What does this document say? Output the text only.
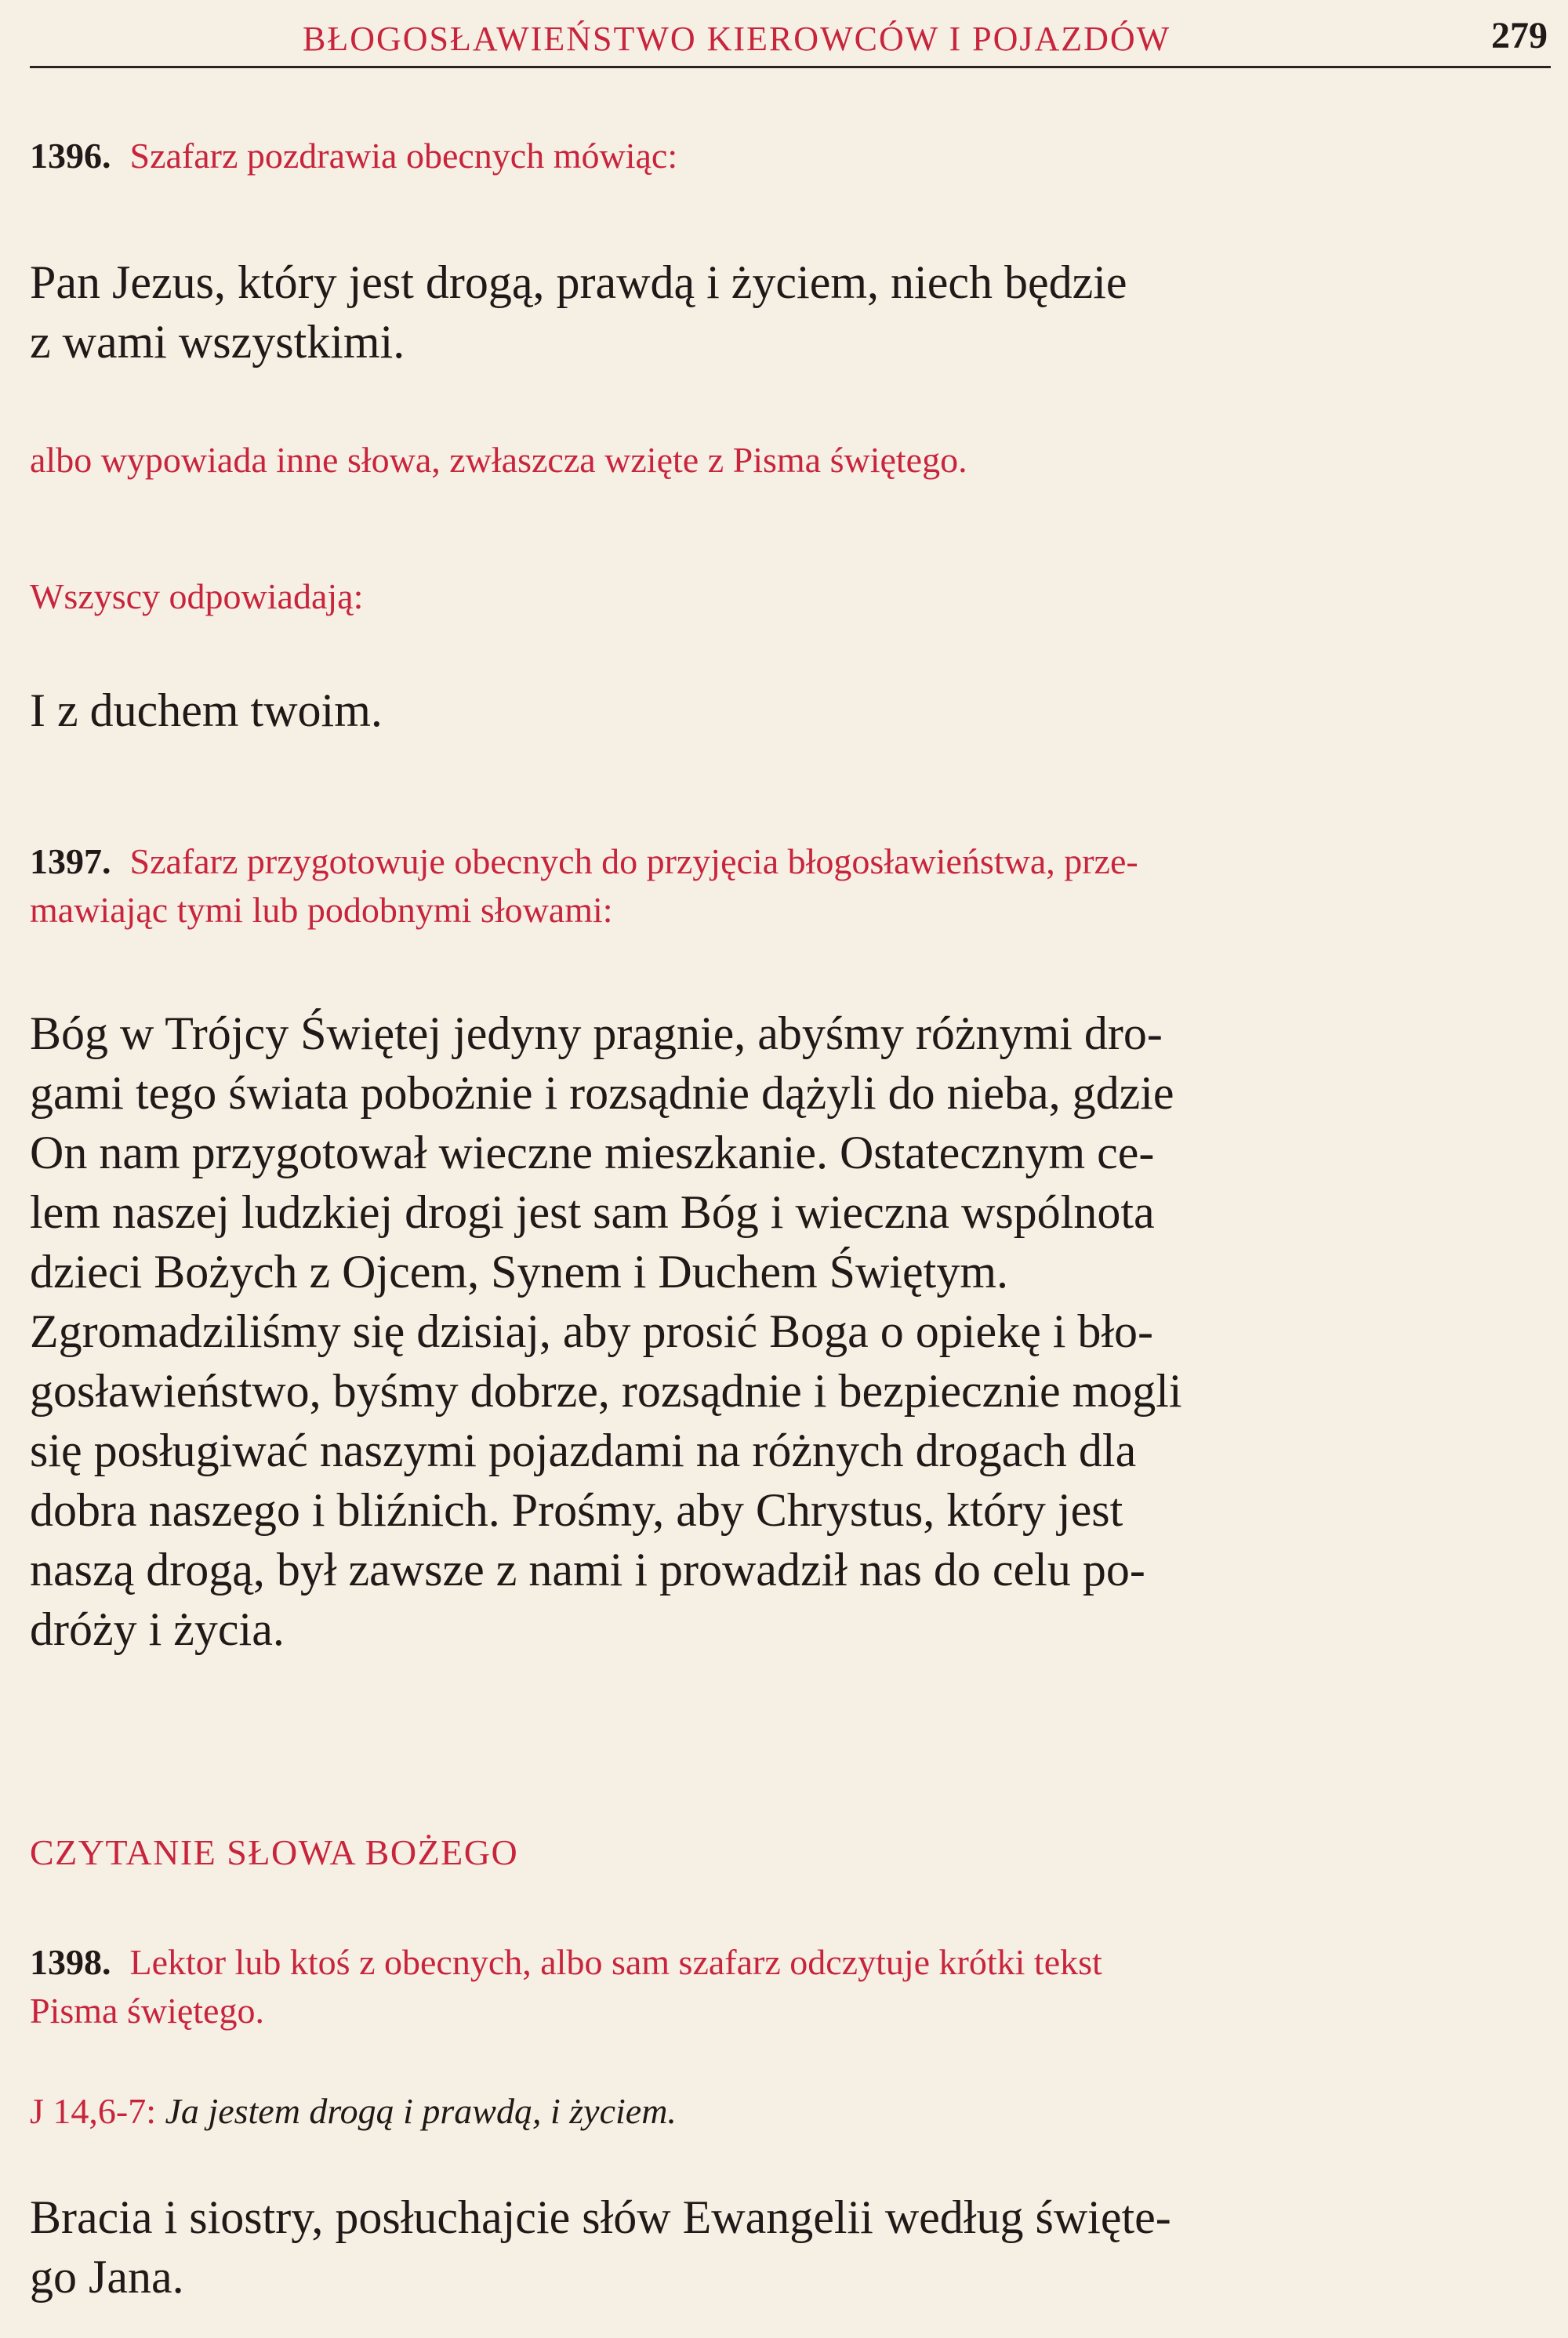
BŁOGOSŁAWIEŃSTWO KIEROWCÓW I POJAZDÓW	279
1396. Szafarz pozdrawia obecnych mówiąc:
Pan Jezus, który jest drogą, prawdą i życiem, niech będzie
z wami wszystkimi.
albo wypowiada inne słowa, zwłaszcza wzięte z Pisma świętego.
Wszyscy odpowiadają:
I z duchem twoim.
1397. Szafarz przygotowuje obecnych do przyjęcia błogosławieństwa, prze-
mawiając tymi lub podobnymi słowami:
Bóg w Trójcy Świętej jedyny pragnie, abyśmy różnymi dro-
gami tego świata pobożnie i rozsądnie dążyli do nieba, gdzie
On nam przygotował wieczne mieszkanie. Ostatecznym ce-
lem naszej ludzkiej drogi jest sam Bóg i wieczna wspólnota
dzieci Bożych z Ojcem, Synem i Duchem Świętym.
Zgromadziliśmy się dzisiaj, aby prosić Boga o opiekę i bło-
gosławieństwo, byśmy dobrze, rozsądnie i bezpiecznie mogli
się posługiwać naszymi pojazdami na różnych drogach dla
dobra naszego i bliźnich. Prośmy, aby Chrystus, który jest
naszą drogą, był zawsze z nami i prowadził nas do celu po-
dróży i życia.
CZYTANIE SŁOWA BOŻEGO
1398. Lektor lub ktoś z obecnych, albo sam szafarz odczytuje krótki tekst
Pisma świętego.
J 14,6-7: Ja jestem drogą i prawdą, i życiem.
Bracia i siostry, posłuchajcie słów Ewangelii według święte-
go Jana.
